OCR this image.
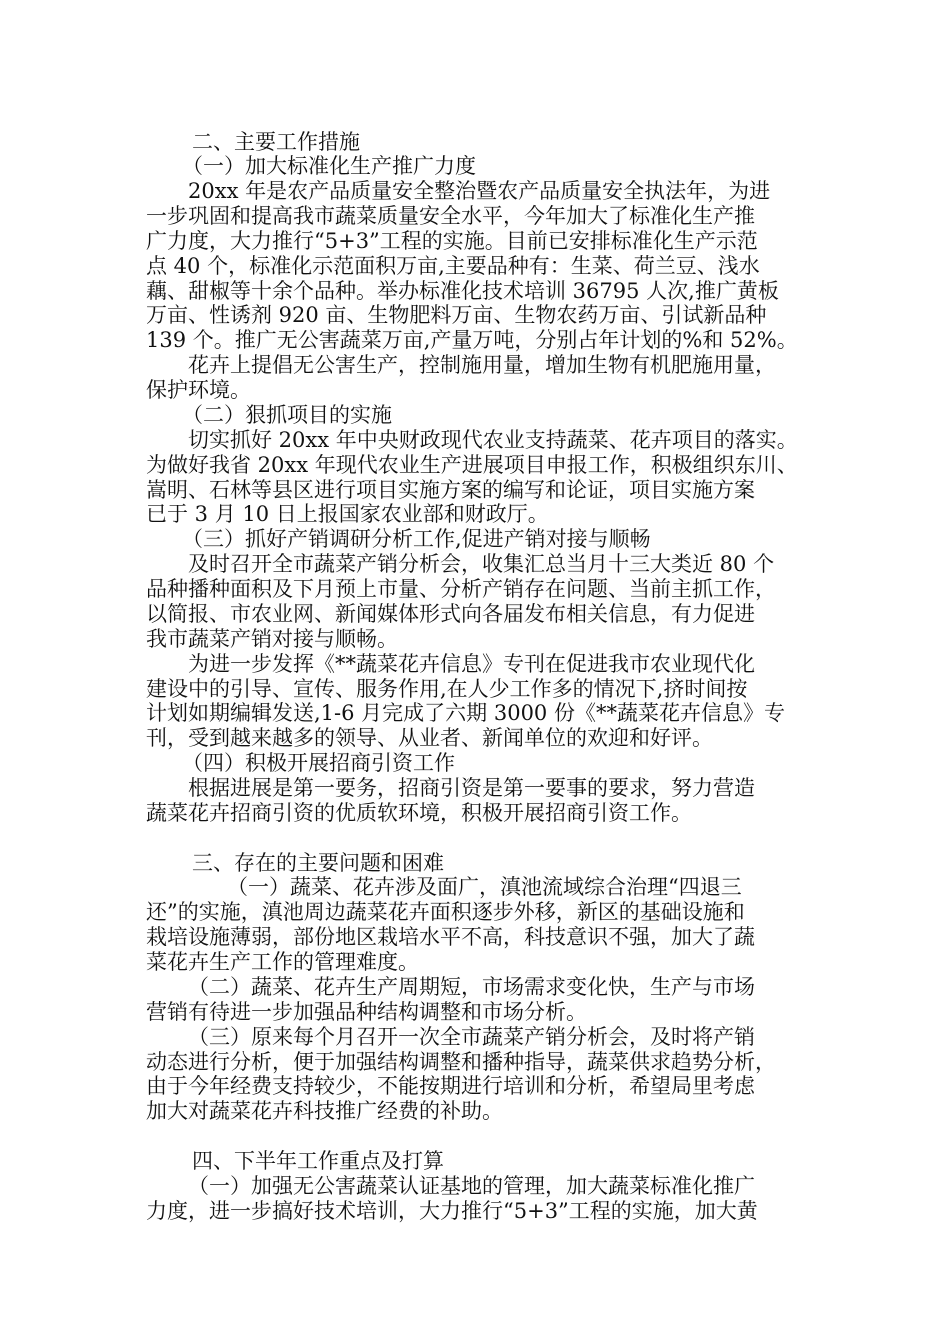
二、主要工作措施
（一）加大标准化生产推广力度
20xx 年是农产品质量安全整治暨农产品质量安全执法年，为进
一步巩固和提高我市蔬菜质量安全水平，今年加大了标准化生产推
广力度，大力推行“5+3”工程的实施。目前已安排标准化生产示范
点 40 个，标准化示范面积万亩,主要品种有：生菜、荷兰豆、浅水
藕、甜椒等十余个品种。举办标准化技术培训 36795 人次,推广黄板
万亩、性诱剂 920 亩、生物肥料万亩、生物农药万亩、引试新品种
139 个。推广无公害蔬菜万亩,产量万吨，分别占年计划的%和 52%。
花卉上提倡无公害生产，控制施用量，增加生物有机肥施用量，
保护环境。
（二）狠抓项目的实施
切实抓好 20xx 年中央财政现代农业支持蔬菜、花卉项目的落实。
为做好我省 20xx 年现代农业生产进展项目申报工作，积极组织东川、
嵩明、石林等县区进行项目实施方案的编写和论证，项目实施方案
已于 3 月 10 日上报国家农业部和财政厅。
（三）抓好产销调研分析工作,促进产销对接与顺畅
及时召开全市蔬菜产销分析会，收集汇总当月十三大类近 80 个
品种播种面积及下月预上市量、分析产销存在问题、当前主抓工作，
以简报、市农业网、新闻媒体形式向各届发布相关信息，有力促进
我市蔬菜产销对接与顺畅。
为进一步发挥《**蔬菜花卉信息》专刊在促进我市农业现代化
建设中的引导、宣传、服务作用,在人少工作多的情况下,挤时间按
计划如期编辑发送,1-6 月完成了六期 3000 份《**蔬菜花卉信息》专
刊，受到越来越多的领导、从业者、新闻单位的欢迎和好评。
（四）积极开展招商引资工作
根据进展是第一要务，招商引资是第一要事的要求，努力营造
蔬菜花卉招商引资的优质软环境，积极开展招商引资工作。
三、存在的主要问题和困难
（一）蔬菜、花卉涉及面广，滇池流域综合治理“四退三
还”的实施，滇池周边蔬菜花卉面积逐步外移，新区的基础设施和
栽培设施薄弱，部份地区栽培水平不高，科技意识不强，加大了蔬
菜花卉生产工作的管理难度。
（二）蔬菜、花卉生产周期短，市场需求变化快，生产与市场
营销有待进一步加强品种结构调整和市场分析。
（三）原来每个月召开一次全市蔬菜产销分析会，及时将产销
动态进行分析，便于加强结构调整和播种指导，蔬菜供求趋势分析，
由于今年经费支持较少，不能按期进行培训和分析，希望局里考虑
加大对蔬菜花卉科技推广经费的补助。
四、下半年工作重点及打算
（一）加强无公害蔬菜认证基地的管理，加大蔬菜标准化推广
力度，进一步搞好技术培训，大力推行“5+3”工程的实施，加大黄
